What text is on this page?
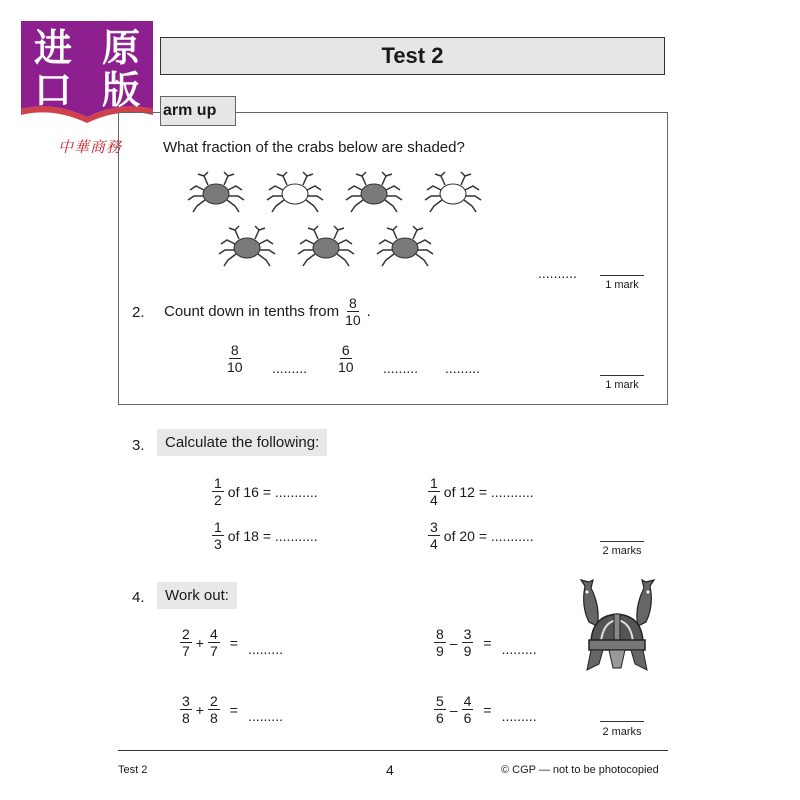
进 原
口 版
中華商務
Test 2
arm up
What fraction of the crabs below are shaded?
..........
1 mark
2. Count down in tenths from $\frac{8}{10}$ .
$\frac{8}{10}$ ......... $\frac{6}{10}$ ......... .........
1 mark
3.	Calculate the following:
$\frac{1}{2}$ of 16 = ...........	$\frac{1}{4}$ of 12 = ...........
$\frac{1}{3}$ of 18 = ...........	$\frac{3}{4}$ of 20 = ...........
2 marks
4.	Work out:
$\frac{2}{7} + \frac{4}{7}$ = .........	$\frac{8}{9} - \frac{3}{9}$ = .........
$\frac{3}{8} + \frac{2}{8}$ = .........	$\frac{5}{6} - \frac{4}{6}$ = .........
2 marks
Test 2	4	© CGP — not to be photocopied
